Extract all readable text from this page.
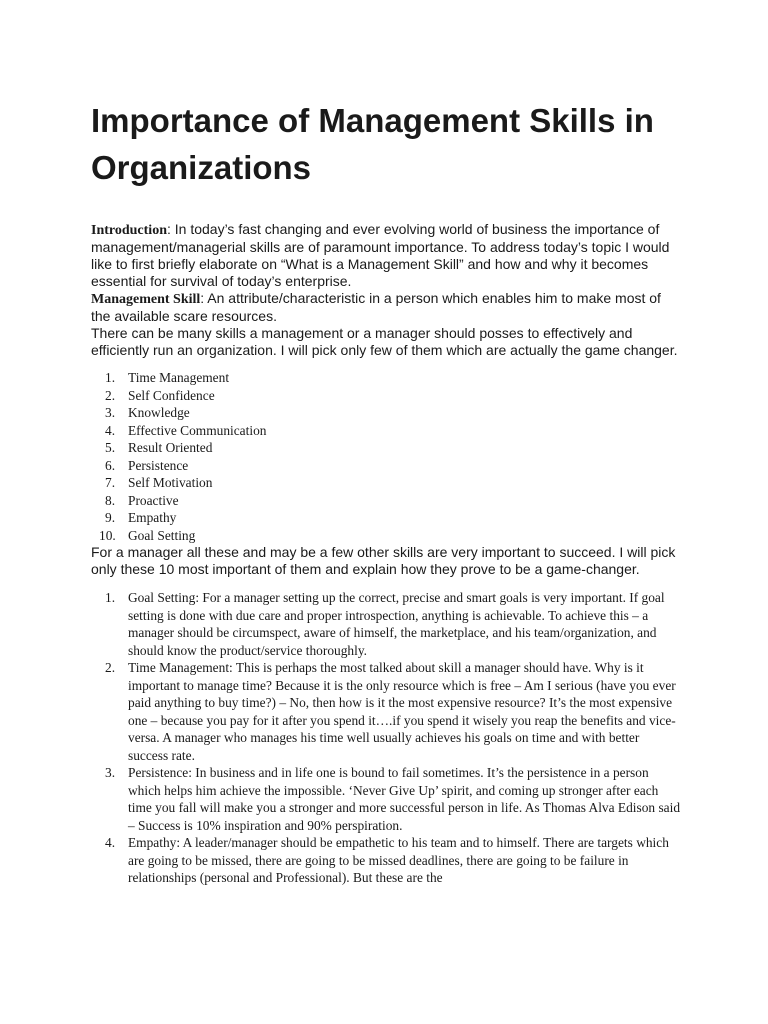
Importance of Management Skills in Organizations

Introduction: In today’s fast changing and ever evolving world of business the importance of management/managerial skills are of paramount importance. To address today’s topic I would like to first briefly elaborate on “What is a Management Skill” and how and why it becomes essential for survival of today’s enterprise.

Management Skill: An attribute/characteristic in a person which enables him to make most of the available scare resources.

There can be many skills a management or a manager should posses to effectively and efficiently run an organization. I will pick only few of them which are actually the game changer.

1. Time Management
2. Self Confidence
3. Knowledge
4. Effective Communication
5. Result Oriented
6. Persistence
7. Self Motivation
8. Proactive
9. Empathy
10. Goal Setting

For a manager all these and may be a few other skills are very important to succeed. I will pick only these 10 most important of them and explain how they prove to be a game-changer.

1. Goal Setting: For a manager setting up the correct, precise and smart goals is very important. If goal setting is done with due care and proper introspection, anything is achievable. To achieve this – a manager should be circumspect, aware of himself, the marketplace, and his team/organization, and should know the product/service thoroughly.
2. Time Management: This is perhaps the most talked about skill a manager should have. Why is it important to manage time? Because it is the only resource which is free – Am I serious (have you ever paid anything to buy time?) – No, then how is it the most expensive resource? It’s the most expensive one – because you pay for it after you spend it….if you spend it wisely you reap the benefits and vice-versa. A manager who manages his time well usually achieves his goals on time and with better success rate.
3. Persistence: In business and in life one is bound to fail sometimes. It’s the persistence in a person which helps him achieve the impossible. ‘Never Give Up’ spirit, and coming up stronger after each time you fall will make you a stronger and more successful person in life. As Thomas Alva Edison said – Success is 10% inspiration and 90% perspiration.
4. Empathy: A leader/manager should be empathetic to his team and to himself. There are targets which are going to be missed, there are going to be missed deadlines, there are going to be failure in relationships (personal and Professional). But these are the
